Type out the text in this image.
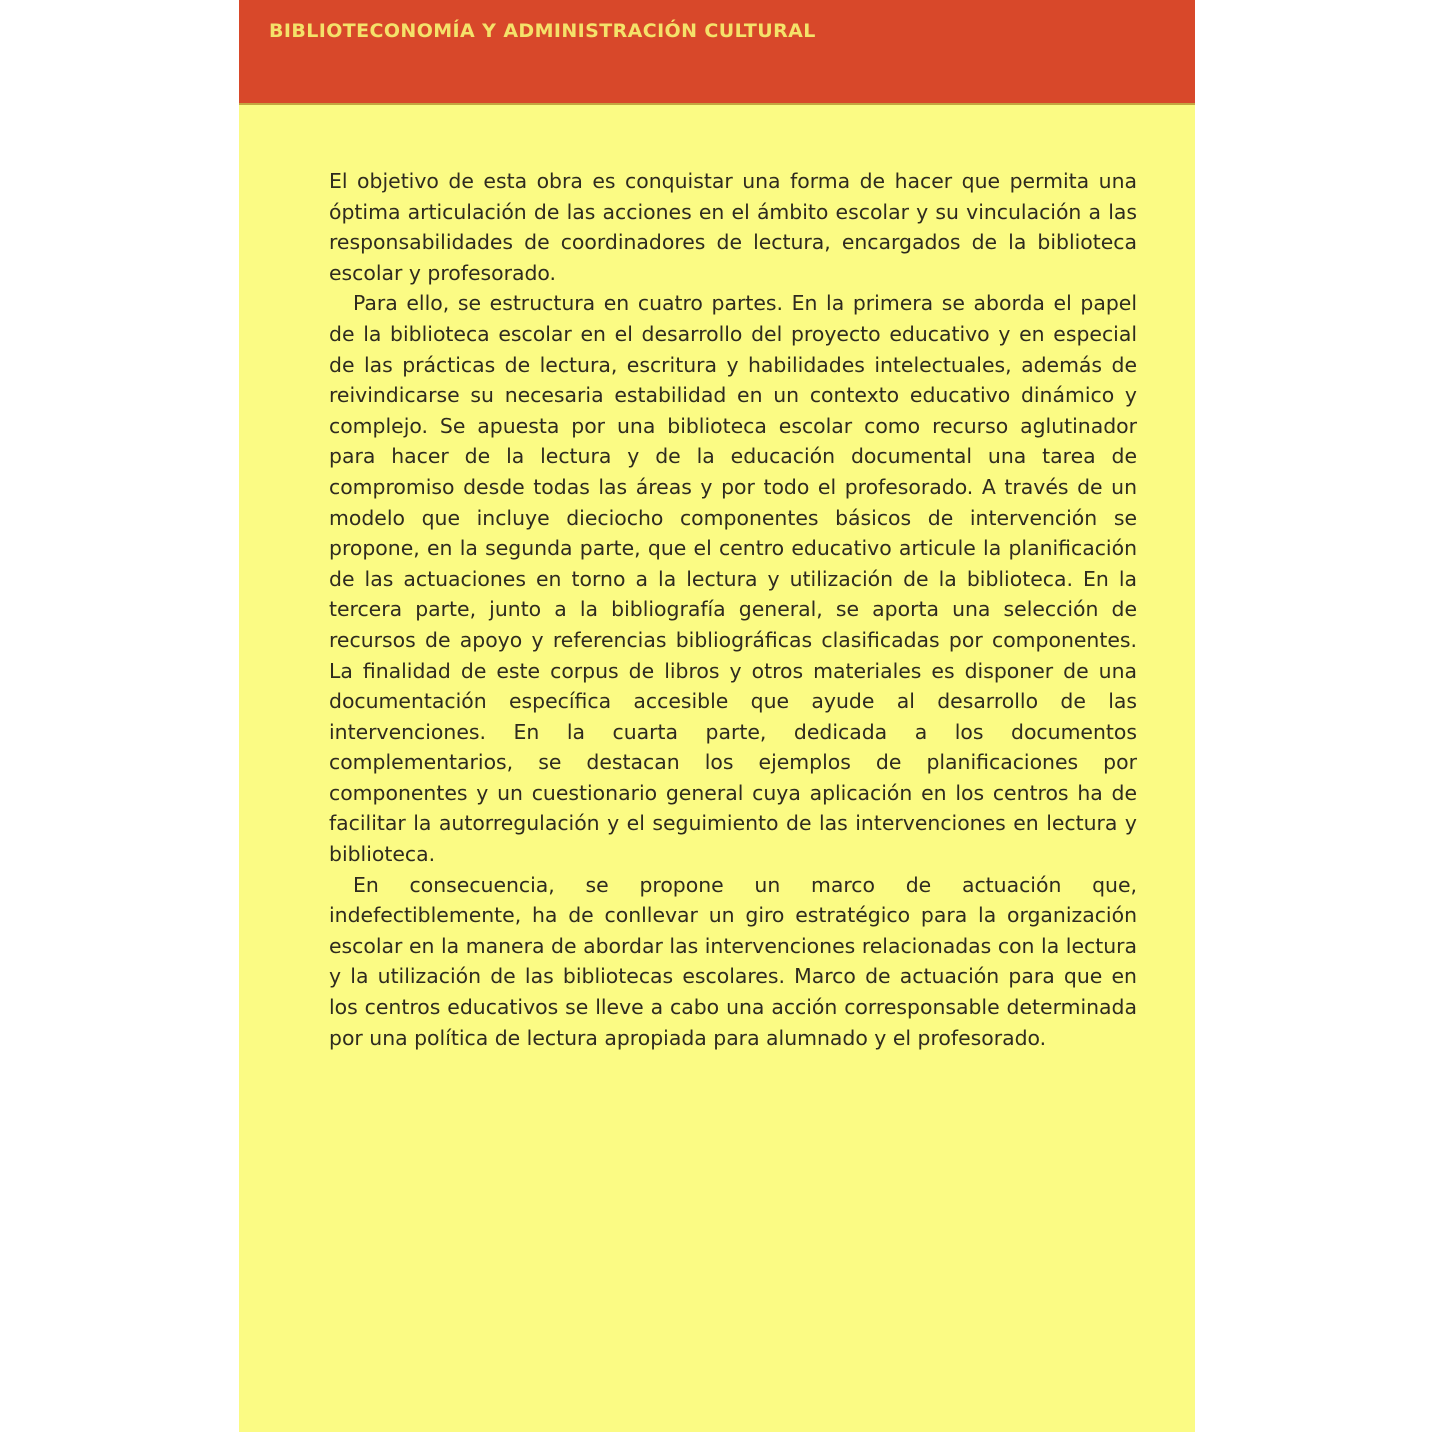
BIBLIOTECONOMÍA Y ADMINISTRACIÓN CULTURAL

El objetivo de esta obra es conquistar una forma de hacer que permita una óptima articulación de las acciones en el ámbito escolar y su vinculación a las responsabilidades de coordinadores de lectura, encargados de la biblioteca escolar y profesorado.

Para ello, se estructura en cuatro partes. En la primera se aborda el papel de la biblioteca escolar en el desarrollo del proyecto educativo y en especial de las prácticas de lectura, escritura y habilidades intelectuales, además de reivindicarse su necesaria estabilidad en un contexto educativo dinámico y complejo. Se apuesta por una biblioteca escolar como recurso aglutinador para hacer de la lectura y de la educación documental una tarea de compromiso desde todas las áreas y por todo el profesorado. A través de un modelo que incluye dieciocho componentes básicos de intervención se propone, en la segunda parte, que el centro educativo articule la planificación de las actuaciones en torno a la lectura y utilización de la biblioteca. En la tercera parte, junto a la bibliografía general, se aporta una selección de recursos de apoyo y referencias bibliográficas clasificadas por componentes. La finalidad de este corpus de libros y otros materiales es disponer de una documentación específica accesible que ayude al desarrollo de las intervenciones. En la cuarta parte, dedicada a los documentos complementarios, se destacan los ejemplos de planificaciones por componentes y un cuestionario general cuya aplicación en los centros ha de facilitar la autorregulación y el seguimiento de las intervenciones en lectura y biblioteca.

En consecuencia, se propone un marco de actuación que, indefectiblemente, ha de conllevar un giro estratégico para la organización escolar en la manera de abordar las intervenciones relacionadas con la lectura y la utilización de las bibliotecas escolares. Marco de actuación para que en los centros educativos se lleve a cabo una acción corresponsable determinada por una política de lectura apropiada para alumnado y el profesorado.
